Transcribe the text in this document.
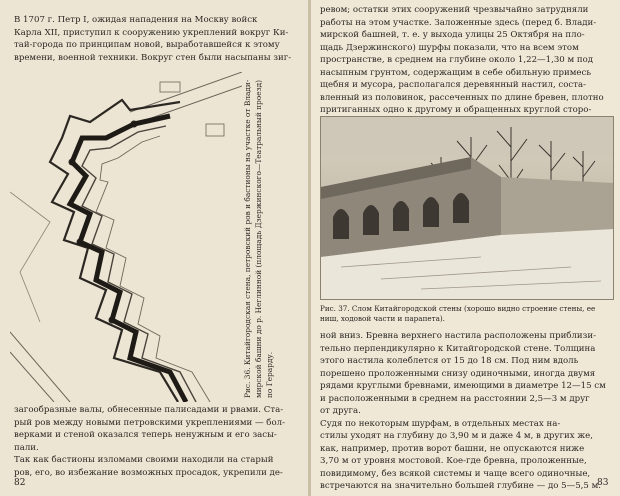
В 1707 г. Петр I, ожидая нападения на Москву войск
Карла XII, приступил к сооружению укреплений вокруг Ки-
тай-города по принципам новой, выработавшейся к этому
времени, военной техники. Вокруг стен были насыпаны зиг-
Рис. 36. Китайгородская стена, петровский ров и бастионы на участке от Влади- мирской башни до р. Неглинной (площадь Дзержинского—Театральный проезд) по Герарду.
загообразные валы, обнесенные палисадами и рвами. Ста-
рый ров между новыми петровскими укреплениями — бол-
верками и стеной оказался теперь ненужным и его засы-
пали.
Так как бастионы изломами своими находили на старый
ров, его, во избежание возможных просадок, укрепили де-
82
ревом; остатки этих сооружений чрезвычайно затрудняли
работы на этом участке. Заложенные здесь (перед б. Влади-
мирской башней, т. е. у выхода улицы 25 Октября на пло-
щадь Дзержинского) шурфы показали, что на всем этом
пространстве, в среднем на глубине около 1,22—1,30 м под
насыпным грунтом, содержащим в себе обильную примесь
щебня и мусора, располагался деревянный настил, соста-
вленный из половинок, рассеченных по длине бревен, плотно
притиганных одно к другому и обращенных круглой сторо-
Рис. 37. Слом Китайгородской стены (хорошо видно строение стены, ее
ниш, ходовой части и парапета).
ной вниз. Бревна верхнего настила расположены приблизи-
тельно перпендикулярно к Китайгородской стене. Толщина
этого настила колеблется от 15 до 18 см. Под ним вдоль
порешено проложенными снизу одиночными, иногда двумя
рядами круглыми бревнами, имеющими в диаметре 12—15 см
и расположенными в среднем на расстоянии 2,5—3 м друг
от друга.
Судя по некоторым шурфам, в отдельных местах на-
стилы уходят на глубину до 3,90 м и даже 4 м, в других же,
как, например, против ворот башни, не опускаются ниже
3,70 м от уровня мостовой. Кое-где бревна, проложенные,
повидимому, без всякой системы и чаще всего одиночные,
встречаются на значительно большей глубине — до 5—5,5 м.
83
